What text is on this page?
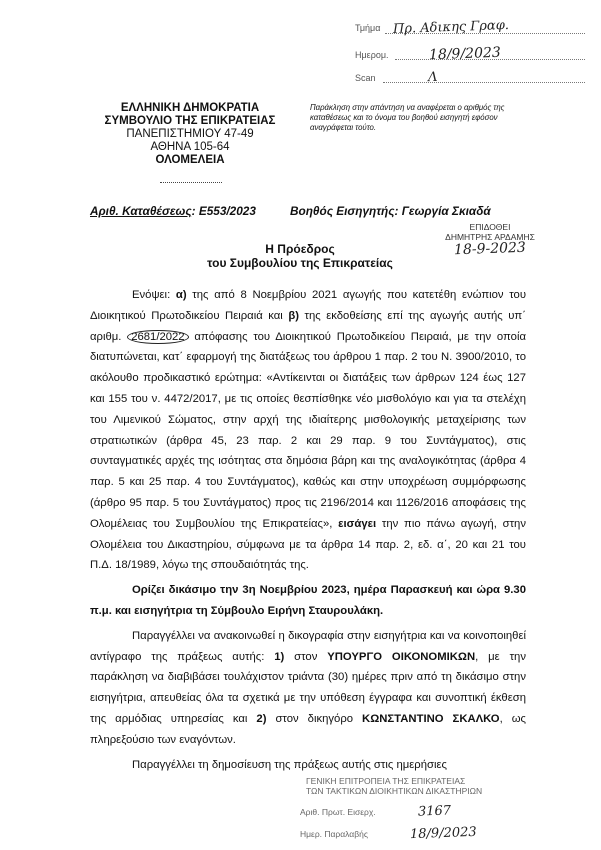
Τμήμα Πρ. Αδικης Γραφ.
Ημερομ.	18/9/2023
Scan	Λ
ΕΛΛΗΝΙΚΗ ΔΗΜΟΚΡΑΤΙΑ
ΣΥΜΒΟΥΛΙΟ ΤΗΣ ΕΠΙΚΡΑΤΕΙΑΣ
ΠΑΝΕΠΙΣΤΗΜΙΟΥ 47-49
ΑΘΗΝΑ 105-64
ΟΛΟΜΕΛΕΙΑ
Παράκληση στην απάντηση να αναφέρεται ο αριθμός της καταθέσεως και το όνομα του βοηθού εισηγητή εφόσον αναγράφεται τούτο.
Αριθ. Καταθέσεως: Ε553/2023	Βοηθός Εισηγητής: Γεωργία Σκιαδά
ΕΠΙΔΟΘΕΙ
ΔΗΜΗΤΡΗΣ ΑΡΔΑΜΗΣ
18-9-2023
Η Πρόεδρος
του Συμβουλίου της Επικρατείας

Ενόψει: α) της από 8 Νοεμβρίου 2021 αγωγής που κατετέθη ενώπιον του Διοικητικού Πρωτοδικείου Πειραιά και β) της εκδοθείσης επί της αγωγής αυτής υπ΄ αριθμ. 2681/2022 απόφασης του Διοικητικού Πρωτοδικείου Πειραιά, με την οποία διατυπώνεται, κατ΄ εφαρμογή της διατάξεως του άρθρου 1 παρ. 2 του Ν. 3900/2010, το ακόλουθο προδικαστικό ερώτημα: «Αντίκεινται οι διατάξεις των άρθρων 124 έως 127 και 155 του ν. 4472/2017, με τις οποίες θεσπίσθηκε νέο μισθολόγιο και για τα στελέχη του Λιμενικού Σώματος, στην αρχή της ιδιαίτερης μισθολογικής μεταχείρισης των στρατιωτικών (άρθρα 45, 23 παρ. 2 και 29 παρ. 9 του Συντάγματος), στις συνταγματικές αρχές της ισότητας στα δημόσια βάρη και της αναλογικότητας (άρθρα 4 παρ. 5 και 25 παρ. 4 του Συντάγματος), καθώς και στην υποχρέωση συμμόρφωσης (άρθρο 95 παρ. 5 του Συντάγματος) προς τις 2196/2014 και 1126/2016 αποφάσεις της Ολομέλειας του Συμβουλίου της Επικρατείας», εισάγει την πιο πάνω αγωγή, στην Ολομέλεια του Δικαστηρίου, σύμφωνα με τα άρθρα 14 παρ. 2, εδ. α΄, 20 και 21 του Π.Δ. 18/1989, λόγω της σπουδαιότητάς της.

Ορίζει δικάσιμο την 3η Νοεμβρίου 2023, ημέρα Παρασκευή και ώρα 9.30 π.μ. και εισηγήτρια τη Σύμβουλο Ειρήνη Σταυρουλάκη.

Παραγγέλλει να ανακοινωθεί η δικογραφία στην εισηγήτρια και να κοινοποιηθεί αντίγραφο της πράξεως αυτής: 1) στον ΥΠΟΥΡΓΟ ΟΙΚΟΝΟΜΙΚΩΝ, με την παράκληση να διαβιβάσει τουλάχιστον τριάντα (30) ημέρες πριν από τη δικάσιμο στην εισηγήτρια, απευθείας όλα τα σχετικά με την υπόθεση έγγραφα και συνοπτική έκθεση της αρμόδιας υπηρεσίας και 2) στον δικηγόρο ΚΩΝΣΤΑΝΤΙΝΟ ΣΚΑΛΚΟ, ως πληρεξούσιο των εναγόντων.

Παραγγέλλει τη δημοσίευση της πράξεως αυτής στις ημερήσιες

ΓΕΝΙΚΗ ΕΠΙΤΡΟΠΕΙΑ ΤΗΣ ΕΠΙΚΡΑΤΕΙΑΣ
ΤΩΝ ΤΑΚΤΙΚΩΝ ΔΙΟΙΚΗΤΙΚΩΝ ΔΙΚΑΣΤΗΡΙΩΝ
Αριθ. Πρωτ. Εισερχ.	3167
Ημερ. Παραλαβής	18/9/2023
